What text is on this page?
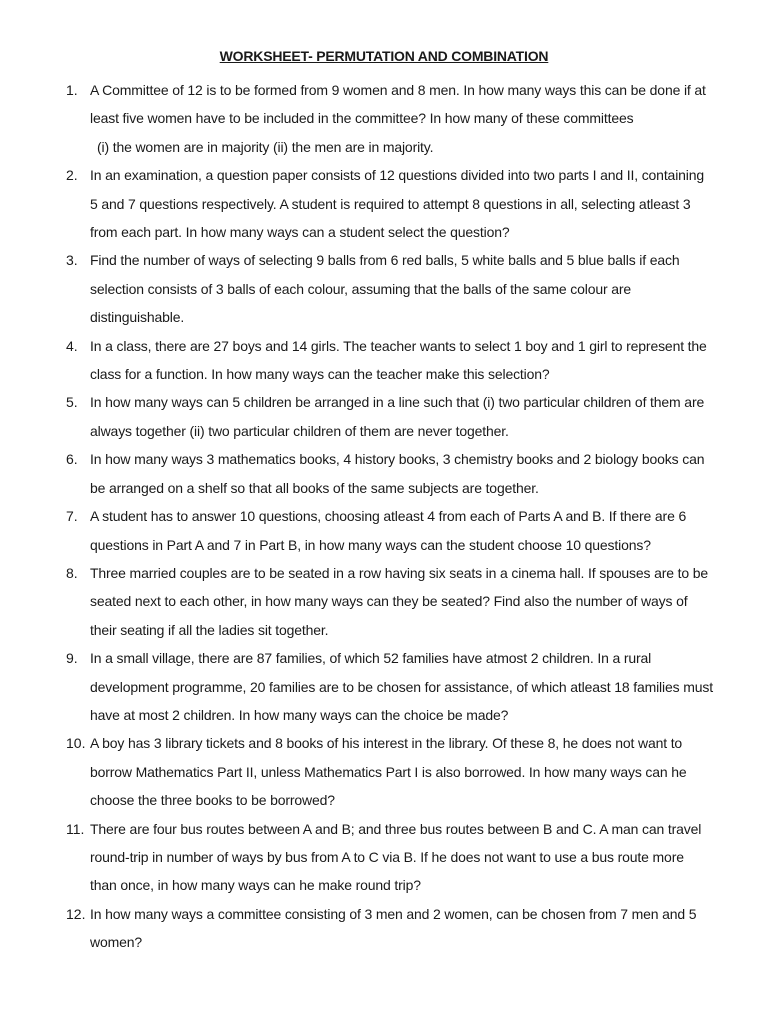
WORKSHEET- PERMUTATION AND COMBINATION
1. A Committee of 12 is to be formed from 9 women and 8 men. In how many ways this can be done if at
least five women have to be included in the committee? In how many of these committees
(i) the women are in majority (ii) the men are in majority.
2. In an examination, a question paper consists of 12 questions divided into two parts I and II, containing
5 and 7 questions respectively. A student is required to attempt 8 questions in all, selecting atleast 3
from each part. In how many ways can a student select the question?
3. Find the number of ways of selecting 9 balls from 6 red balls, 5 white balls and 5 blue balls if each
selection consists of 3 balls of each colour, assuming that the balls of the same colour are
distinguishable.
4. In a class, there are 27 boys and 14 girls. The teacher wants to select 1 boy and 1 girl to represent the
class for a function. In how many ways can the teacher make this selection?
5. In how many ways can 5 children be arranged in a line such that (i) two particular children of them are
always together (ii) two particular children of them are never together.
6. In how many ways 3 mathematics books, 4 history books, 3 chemistry books and 2 biology books can
be arranged on a shelf so that all books of the same subjects are together.
7. A student has to answer 10 questions, choosing atleast 4 from each of Parts A and B. If there are 6
questions in Part A and 7 in Part B, in how many ways can the student choose 10 questions?
8. Three married couples are to be seated in a row having six seats in a cinema hall. If spouses are to be
seated next to each other, in how many ways can they be seated? Find also the number of ways of
their seating if all the ladies sit together.
9. In a small village, there are 87 families, of which 52 families have atmost 2 children. In a rural
development programme, 20 families are to be chosen for assistance, of which atleast 18 families must
have at most 2 children. In how many ways can the choice be made?
10. A boy has 3 library tickets and 8 books of his interest in the library. Of these 8, he does not want to
borrow Mathematics Part II, unless Mathematics Part I is also borrowed. In how many ways can he
choose the three books to be borrowed?
11. There are four bus routes between A and B; and three bus routes between B and C. A man can travel
round-trip in number of ways by bus from A to C via B. If he does not want to use a bus route more
than once, in how many ways can he make round trip?
12. In how many ways a committee consisting of 3 men and 2 women, can be chosen from 7 men and 5
women?
